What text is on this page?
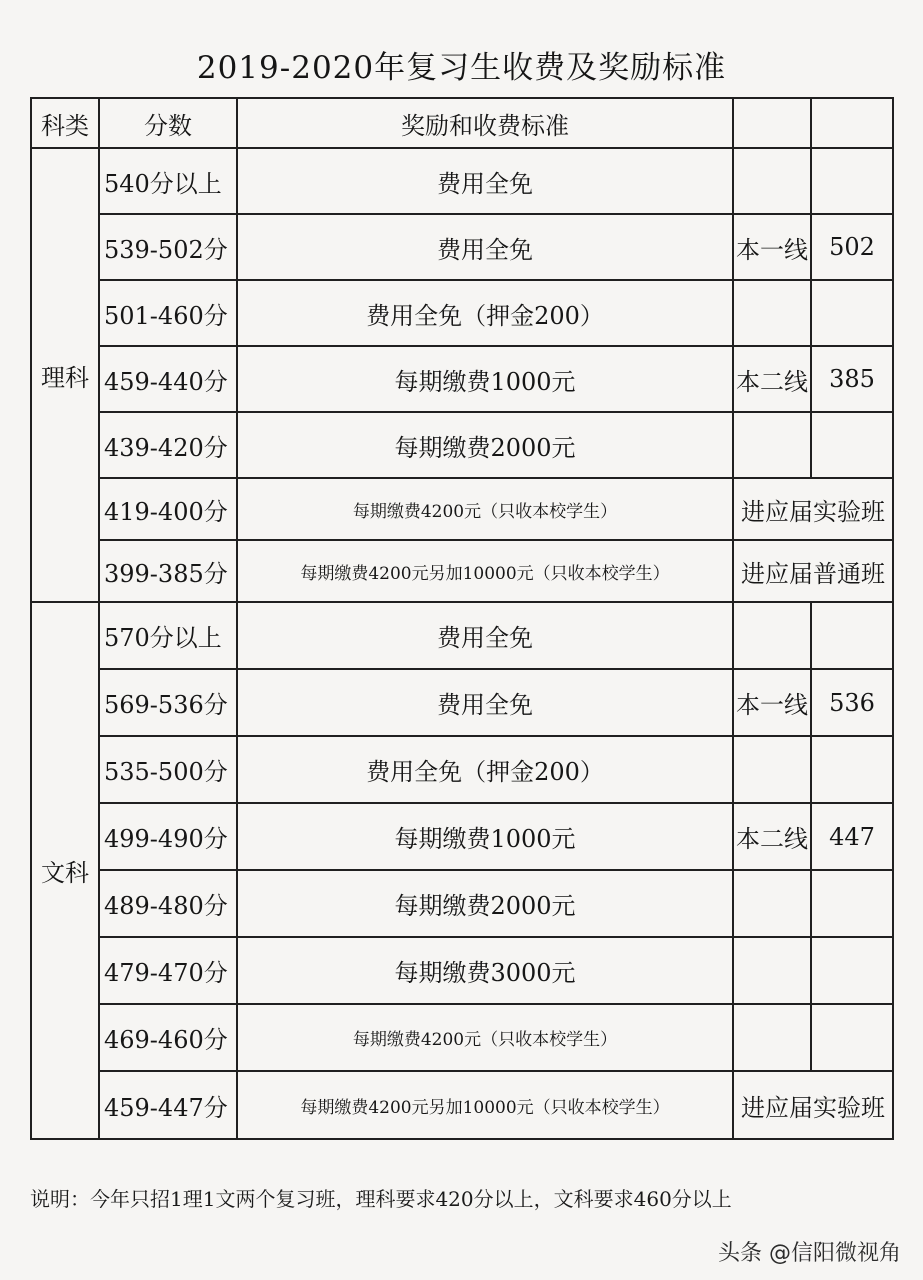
2019-2020年复习生收费及奖励标准
科类	分数	奖励和收费标准		
理科	540分以上	费用全免		
	539-502分	费用全免	本一线	502
	501-460分	费用全免（押金200）		
	459-440分	每期缴费1000元	本二线	385
	439-420分	每期缴费2000元		
	419-400分	每期缴费4200元（只收本校学生）	进应届实验班	
	399-385分	每期缴费4200元另加10000元（只收本校学生）	进应届普通班	
文科	570分以上	费用全免		
	569-536分	费用全免	本一线	536
	535-500分	费用全免（押金200）		
	499-490分	每期缴费1000元	本二线	447
	489-480分	每期缴费2000元		
	479-470分	每期缴费3000元		
	469-460分	每期缴费4200元（只收本校学生）		
	459-447分	每期缴费4200元另加10000元（只收本校学生）	进应届实验班	
说明：今年只招1理1文两个复习班，理科要求420分以上，文科要求460分以上
头条 @信阳微视角
